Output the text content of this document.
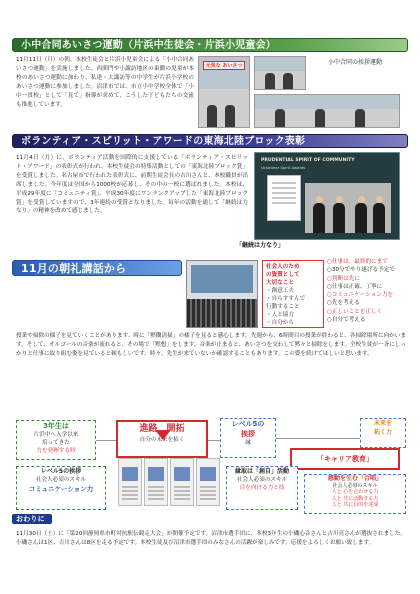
小中合同あいさつ運動（片浜中生徒会・片浜小児童会）
11月11日（月）の朝、本校生徒会と片浜小児童会による「小中合同あいさつ運動」を実施しました。西間門や小諏訪地区の東側の児童が本校のあいさつ運動に加わり、私達・大諏訪等の中学生が片浜小学校のあいさつ運動に参加しました。沼津市では、市立小中学校全体で「小中一貫校」として「見て」指導が求めて、こうした子どもたちの交流も推進しています。
元気な あいさつ	小中合同の挨拶運動
ボランティア・スピリット・アワードの東海北陸ブロック表彰
11月4日（月）に、ボランティア活動を国際的に支援している「ボランティア・スピリット・アワード」の表彰式が行われ、本校生徒会の特集活動としての「東海北陸ブロック賞」を受賞しました。名古屋市で行われた表彰式に、前期生徒会長の吉川さんと、本校職員が出席しました。今年度は全国から1000校が応募し、その中の一校に選ばれました。本校は、平成29年度に「コミュニティ賞」、平成30年度にワンランクアップした「東海北陸ブロック賞」を受賞していますので、3年連続の受賞となりました。毎年の活動を通して「継続は力なり」の精神を改めて感じました。
PRUDENTIAL SPIRIT OF COMMUNITY
Volunteer Spirit Awards
「継続は力なり」
11月の朝礼講話から	社会人のため
の資質として
大切なこと
・創意工夫
・自らすすんで
行動すること
・人と協力
・自分から
○仕事は、最終的にまで
○30分でやり遂げる予定で
○判断は先に
○仕事は正確、丁寧に
○コミュニケーション力を
○先を考える
○正しいことを正しく
○自分で考える
授業や掃除の様子を見ていくことがあります。時に「黙働清掃」の様子を見ると感心します。先週から、6時間目の授業が終わると、各掃除場所に向かいます。そして、オルゴールの音楽が流れると、その場で「黙想」をします。音楽が止まると、あいさつを交わして黙々と掃除をします。全校生徒が一斉にしっかりと仕事に取り組む姿を見ていると頼もしいです。時々、先生が来ていないか確認することもあります。この姿を続けてほしいと思います。
3年生は
片浜中へ入学以来
培ってきた
力を発揮する時
進路　開拓
自分の未来を拓く
レベル5の
挨拶
縁
未来を
拓く力
「キャリア教育」
レベル5の挨拶
社会人必須のスキル
コミュニケーション力
縁取は「創自」活動
社会人必須のスキル
目を向ける力と技
感動を生む「合唱」
社会人必須のスキル
人と 心を合わせる力
人と 共に活動する力
人と 共に目的を達成
おわりに
11月30日（土）に「第20回静岡県市町対抗駅伝競走大会」が開催予定です。沼津市選手団に、本校3年生の小磯心音さんと吉川亮さんが選抜されました。小磯さんは1区、吉川さんは8区を走る予定です。本校生徒及び沼津市選手団のみなさんの活躍が楽しみです。応援をよろしくお願い致します。
